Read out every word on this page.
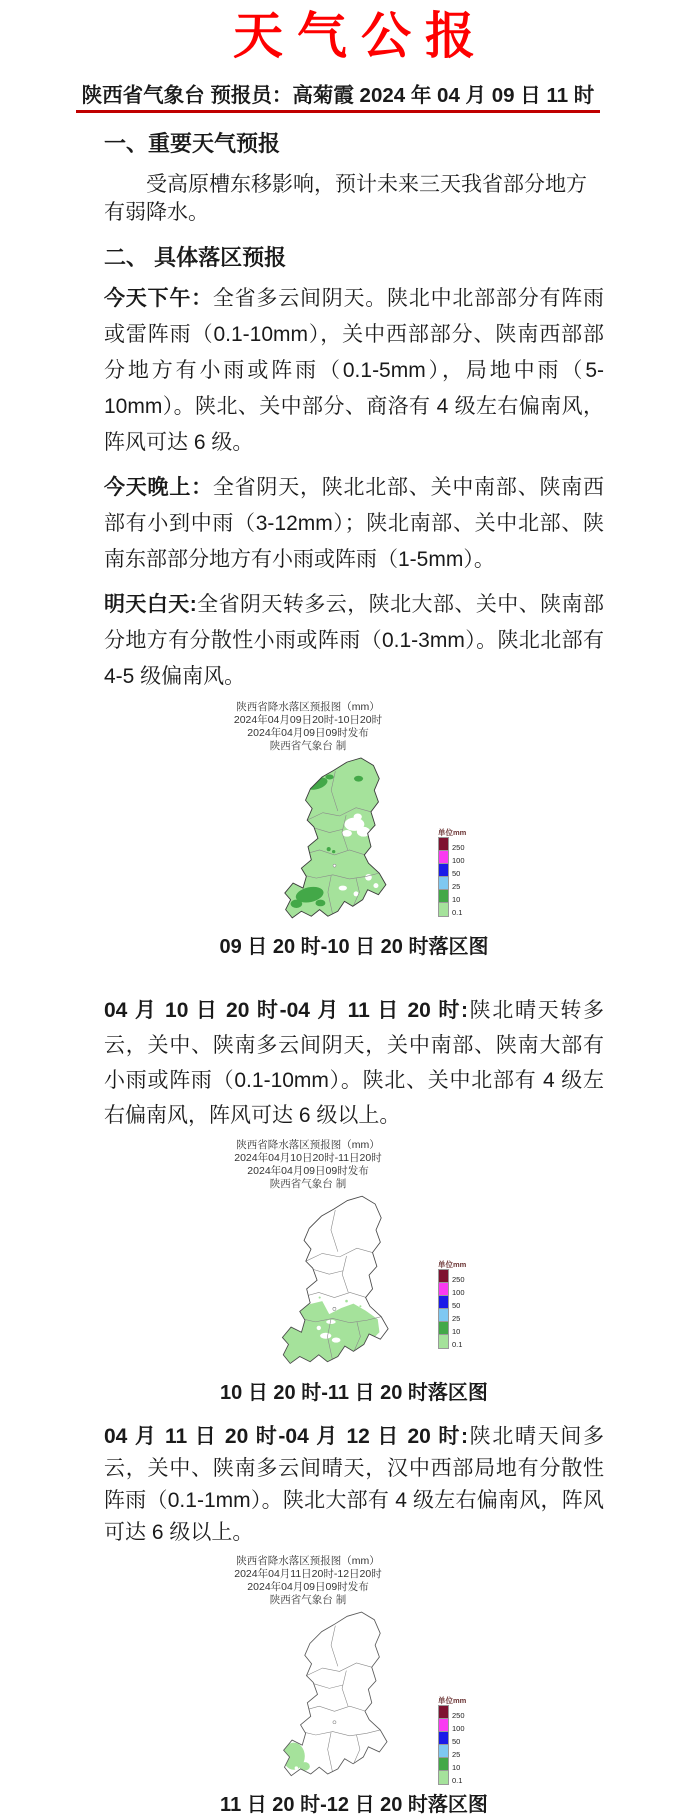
天气公报
陕西省气象台 预报员：高菊霞 2024 年 04 月 09 日 11 时
一、重要天气预报
受高原槽东移影响，预计未来三天我省部分地方有弱降水。
二、 具体落区预报

今天下午：全省多云间阴天。陕北中北部部分有阵雨或雷阵雨（0.1-10mm），关中西部部分、陕南西部部分地方有小雨或阵雨（0.1-5mm），局地中雨（5-10mm）。陕北、关中部分、商洛有 4 级左右偏南风，阵风可达 6 级。

今天晚上：全省阴天，陕北北部、关中南部、陕南西部有小到中雨（3-12mm）；陕北南部、关中北部、陕南东部部分地方有小雨或阵雨（1-5mm）。

明天白天:全省阴天转多云，陕北大部、关中、陕南部分地方有分散性小雨或阵雨（0.1-3mm）。陕北北部有 4-5 级偏南风。

陕西省降水落区预报图（mm）
2024年04月09日20时-10日20时
2024年04月09日09时发布
陕西省气象台 制
单位mm
250
100
50
25
10
0.1
09 日 20 时-10 日 20 时落区图

04 月 10 日 20 时-04 月 11 日 20 时:陕北晴天转多云，关中、陕南多云间阴天，关中南部、陕南大部有小雨或阵雨（0.1-10mm）。陕北、关中北部有 4 级左右偏南风，阵风可达 6 级以上。

陕西省降水落区预报图（mm）
2024年04月10日20时-11日20时
2024年04月09日09时发布
陕西省气象台 制
单位mm
250
100
50
25
10
0.1
10 日 20 时-11 日 20 时落区图

04 月 11 日 20 时-04 月 12 日 20 时:陕北晴天间多云，关中、陕南多云间晴天，汉中西部局地有分散性阵雨（0.1-1mm）。陕北大部有 4 级左右偏南风，阵风可达 6 级以上。

陕西省降水落区预报图（mm）
2024年04月11日20时-12日20时
2024年04月09日09时发布
陕西省气象台 制
单位mm
250
100
50
25
10
0.1
11 日 20 时-12 日 20 时落区图
